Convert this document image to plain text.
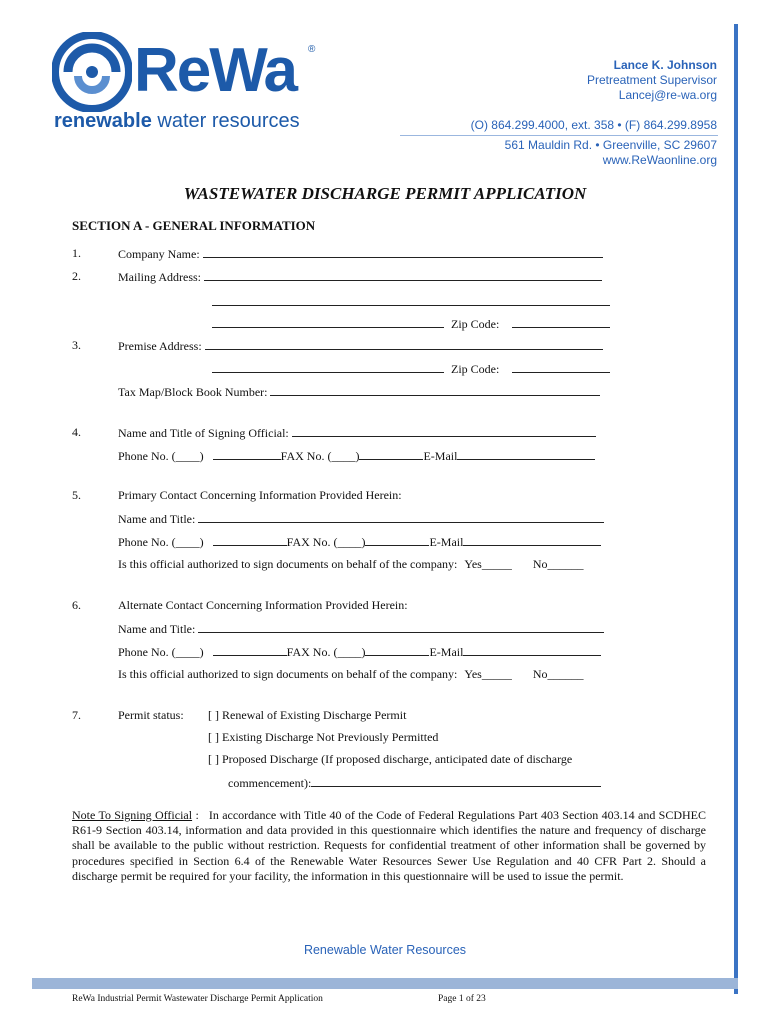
ReWa ®
renewable water resources
Lance K. Johnson
Pretreatment Supervisor
Lancej@re-wa.org
(O) 864.299.4000, ext. 358 • (F) 864.299.8958
561 Mauldin Rd. • Greenville, SC 29607
www.ReWaonline.org
WASTEWATER DISCHARGE PERMIT APPLICATION
SECTION A - GENERAL INFORMATION
1.	Company Name:
2.	Mailing Address:
Zip Code:
3.	Premise Address:
Zip Code:
Tax Map/Block Book Number:
4.	Name and Title of Signing Official:
Phone No. (____)	FAX No. (____)	E-Mail
5.	Primary Contact Concerning Information Provided Herein:
Name and Title:
Phone No. (____)	FAX No. (____)	E-Mail
Is this official authorized to sign documents on behalf of the company: Yes_____ No______
6.	Alternate Contact Concerning Information Provided Herein:
Name and Title:
Phone No. (____)	FAX No. (____)	E-Mail
Is this official authorized to sign documents on behalf of the company: Yes_____ No______
7.	Permit status: [ ] Renewal of Existing Discharge Permit
[ ] Existing Discharge Not Previously Permitted
[ ] Proposed Discharge (If proposed discharge, anticipated date of discharge
commencement):
Note To Signing Official : In accordance with Title 40 of the Code of Federal Regulations Part 403 Section 403.14 and SCDHEC R61-9 Section 403.14, information and data provided in this questionnaire which identifies the nature and frequency of discharge shall be available to the public without restriction. Requests for confidential treatment of other information shall be governed by procedures specified in Section 6.4 of the Renewable Water Resources Sewer Use Regulation and 40 CFR Part 2. Should a discharge permit be required for your facility, the information in this questionnaire will be used to issue the permit.
Renewable Water Resources
ReWa Industrial Permit Wastewater Discharge Permit Application	Page 1 of 23
